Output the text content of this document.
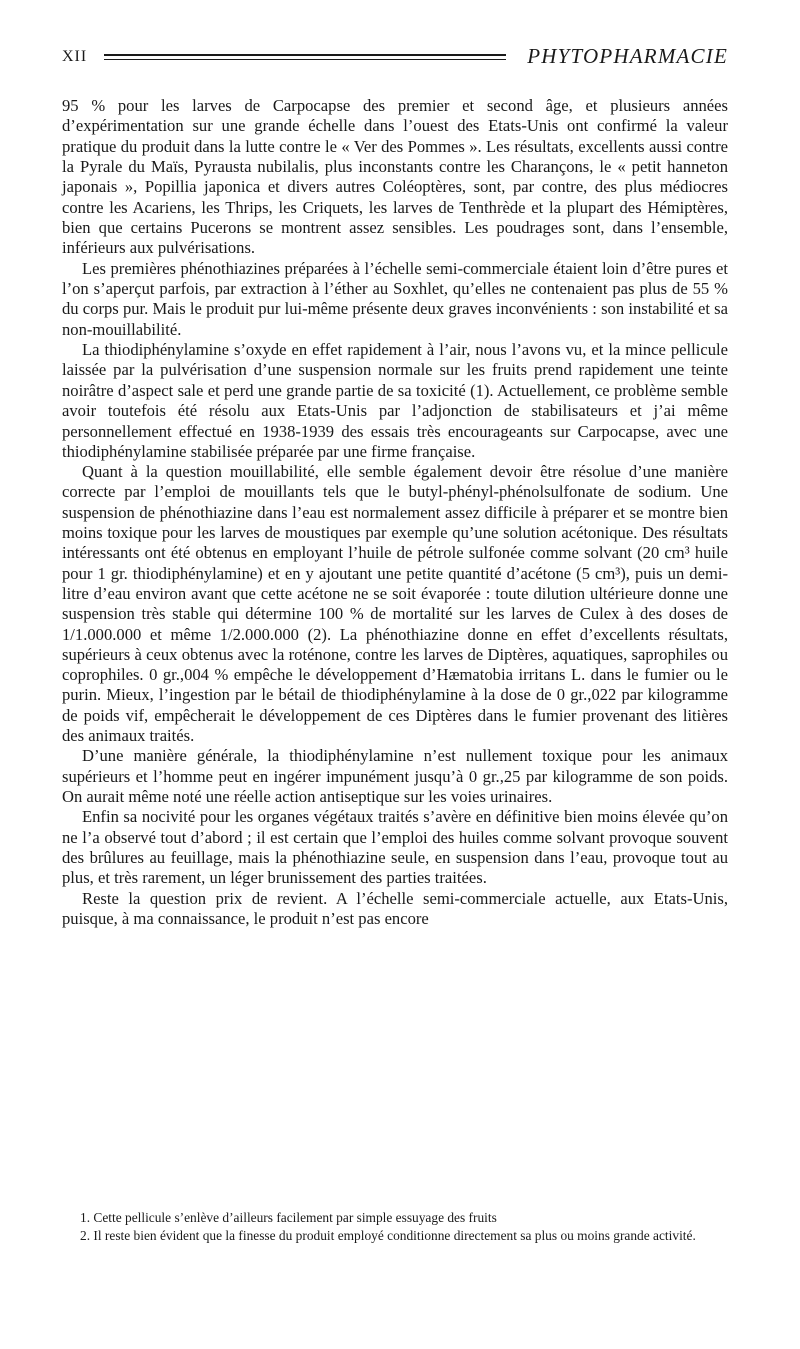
XII	PHYTOPHARMACIE

95 % pour les larves de Carpocapse des premier et second âge, et plusieurs années d’expérimentation sur une grande échelle dans l’ouest des Etats-Unis ont confirmé la valeur pratique du produit dans la lutte contre le « Ver des Pommes ». Les résultats, excellents aussi contre la Pyrale du Maïs, Pyrausta nubilalis, plus inconstants contre les Charançons, le « petit hanneton japonais », Popillia japonica et divers autres Coléoptères, sont, par contre, des plus médiocres contre les Acariens, les Thrips, les Criquets, les larves de Tenthrède et la plupart des Hémiptères, bien que certains Pucerons se montrent assez sensibles. Les poudrages sont, dans l’ensemble, inférieurs aux pulvérisations.

Les premières phénothiazines préparées à l’échelle semi-commerciale étaient loin d’être pures et l’on s’aperçut parfois, par extraction à l’éther au Soxhlet, qu’elles ne contenaient pas plus de 55 % du corps pur. Mais le produit pur lui-même présente deux graves inconvénients : son instabilité et sa non-mouillabilité.

La thiodiphénylamine s’oxyde en effet rapidement à l’air, nous l’avons vu, et la mince pellicule laissée par la pulvérisation d’une suspension normale sur les fruits prend rapidement une teinte noirâtre d’aspect sale et perd une grande partie de sa toxicité (1). Actuellement, ce problème semble avoir toutefois été résolu aux Etats-Unis par l’adjonction de stabilisateurs et j’ai même personnellement effectué en 1938-1939 des essais très encourageants sur Carpocapse, avec une thiodiphénylamine stabilisée préparée par une firme française.

Quant à la question mouillabilité, elle semble également devoir être résolue d’une manière correcte par l’emploi de mouillants tels que le butyl-phényl-phénolsulfonate de sodium. Une suspension de phénothiazine dans l’eau est normalement assez difficile à préparer et se montre bien moins toxique pour les larves de moustiques par exemple qu’une solution acétonique. Des résultats intéressants ont été obtenus en employant l’huile de pétrole sulfonée comme solvant (20 cm³ huile pour 1 gr. thiodiphénylamine) et en y ajoutant une petite quantité d’acétone (5 cm³), puis un demi-litre d’eau environ avant que cette acétone ne se soit évaporée : toute dilution ultérieure donne une suspension très stable qui détermine 100 % de mortalité sur les larves de Culex à des doses de 1/1.000.000 et même 1/2.000.000 (2). La phénothiazine donne en effet d’excellents résultats, supérieurs à ceux obtenus avec la roténone, contre les larves de Diptères, aquatiques, saprophiles ou coprophiles. 0 gr.,004 % empêche le développement d’Hæmatobia irritans L. dans le fumier ou le purin. Mieux, l’ingestion par le bétail de thiodiphénylamine à la dose de 0 gr.,022 par kilogramme de poids vif, empêcherait le développement de ces Diptères dans le fumier provenant des litières des animaux traités.

D’une manière générale, la thiodiphénylamine n’est nullement toxique pour les animaux supérieurs et l’homme peut en ingérer impunément jusqu’à 0 gr.,25 par kilogramme de son poids. On aurait même noté une réelle action antiseptique sur les voies urinaires.

Enfin sa nocivité pour les organes végétaux traités s’avère en définitive bien moins élevée qu’on ne l’a observé tout d’abord ; il est certain que l’emploi des huiles comme solvant provoque souvent des brûlures au feuillage, mais la phénothiazine seule, en suspension dans l’eau, provoque tout au plus, et très rarement, un léger brunissement des parties traitées.

Reste la question prix de revient. A l’échelle semi-commerciale actuelle, aux Etats-Unis, puisque, à ma connaissance, le produit n’est pas encore

1. Cette pellicule s’enlève d’ailleurs facilement par simple essuyage des fruits

2. Il reste bien évident que la finesse du produit employé conditionne directement sa plus ou moins grande activité.
